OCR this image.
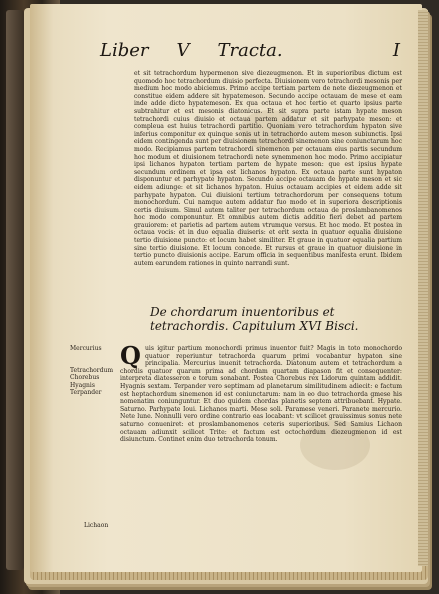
Liber V Tracta.	I

et sit tetrachordum hypermenon sive diezeugmenon. Et in superioribus dictum est quomodo hoc tetrachordum diuisio perfecta. Diuisionem vero tetrachordi mesonis per medium hoc modo abiciemus. Primo accipe tertiam partem de nete diezeugmenon et constitue eidem addere sit hypatemeson. Secundo accipe octauam de mese et eam inde adde dicto hypatemeson. Ex qua octaua et hoc tertio et quarto ipsius parte subtrahitur et est mesonis diatonicus. Et sit supra parte istam hypate meson tetrachordi cuius diuisio et octaua partem addatur et sit parhypate meson: et compleua est huius tetrachordi partitio. Quoniam vero tetrachordum hypaton sive inferius componitur ex quinque sonis ut in tetrachordo autem meson subiunctis. Ipsi eidem contingenda sunt per diuisionem tetrachordi sinemenon sine coniunctarum hoc modo. Recipiamus partem tetrachordi sinemenon per octauam eius partis secundum hoc modum et diuisionem tetrachordi nete synemmenon hoc modo. Primo accipiatur ipsi lichanos hypaton tertiam partem de hypate meson: que est ipsius hypate secundum ordinem et ipsa est lichanos hypaton. Ex octaua parte sunt hypaton disponuntur et parhypate hypaton. Secundo accipe octauam de hypate meson et sic eidem adiunge: et sit lichanos hypaton. Huius octauam accipies et eidem adde sit parhypate hypaton. Cui diuisioni tertium tetrachordorum per consequens totum monochordum. Cui namque autem addatur fuo modo et in superiora descriptionis certis diuisum. Simul autem taliter per tetrachordum octaua de proslambanomenos hoc modo componuntur. Et omnibus autem dictis additio fieri debet ad partem grauiorem: et parietis ad partem autem vtrumque versus. Et hoc modo. Et postea in octaua vocis: et in duo equalia diuiseris: et erit sexta in quatuor equalia diuisione tertio diuisione puncto: et locum habet similiter. Et graue in quatuor equalia partium sine tertio diuisione. Et locum concede. Et rursus et graue in quatuor diuisione in tertio puncto diuisionis accipe. Earum officia in sequentibus manifesta erunt. Ibidem autem earundem rationes in quinto narrandi sunt.

De chordarum inuentoribus et tetrachordis. Capitulum XVI Bisci.
Mercurius
Tetrachordum
Chorebus
Hyagnis
Terpander
Q uis igitur partium monochordi primus inuentor fuit? Magis in toto monochordo quatuor reperiuntur tetrachorda quarum primi vocabantur hypaton sine principalia. Mercurius inuenit tetrachorda. Diatonum autem et tetrachordum a chordis quatuor quarum prima ad chordam quartam diapason fit et consequenter: interpreta diatesseron e torum sonabant. Postea Chorebus rex Lidorum quintam addidit. Hyagnis sextam. Terpander vero septimam ad planetarum similitudinem adiecit: e factum est heptachordum sinemenon id est coniunctarum: nam in eo duo tetrachorda gmese his nomenatim coniunguntur. Et duo quidem chordas planetis septem attribuebant. Hypate. Saturno. Parhypate Ioui. Lichanos marti. Mese soli. Paramese veneri. Paranete mercurio. Nete lune. Nonnulli vero ordine contrario eas locabant: vt scilicet grauissimus sonus nete saturno conueniret: et proslambanomenos ceteris superioribus. Sed Samius Lichaon octauam adiunxit scilicet Trite: et factum est octochordum diezeugmenon id est disiunctum. Continet enim duo tetrachorda tonum.
Lichaon
